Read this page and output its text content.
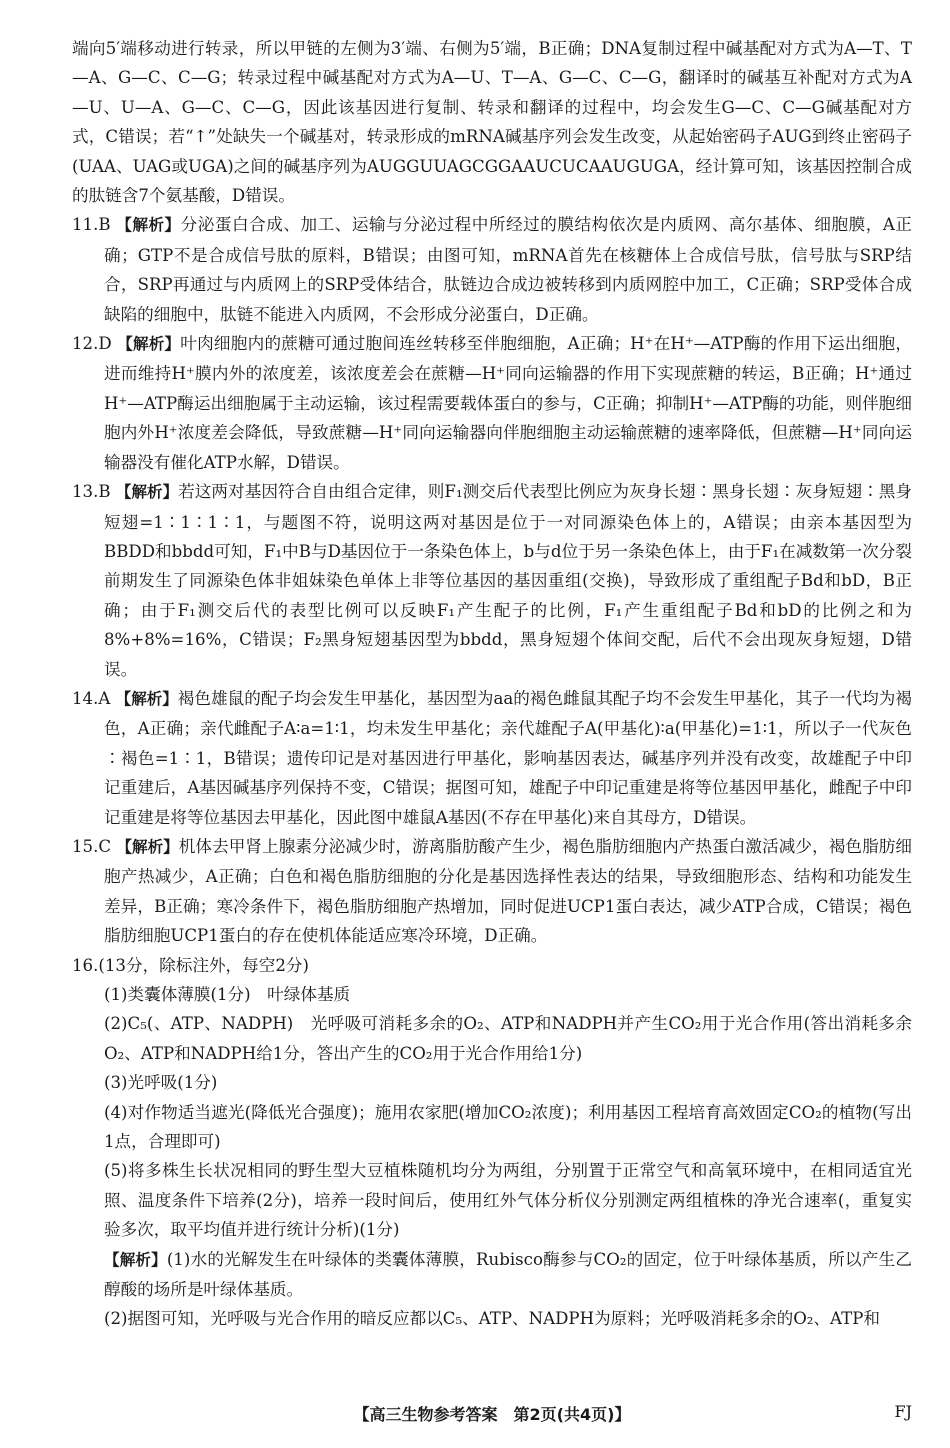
端向5′端移动进行转录，所以甲链的左侧为3′端、右侧为5′端，B正确；DNA复制过程中碱基配对方式为A—T、T—A、G—C、C—G；转录过程中碱基配对方式为A—U、T—A、G—C、C—G，翻译时的碱基互补配对方式为A—U、U—A、G—C、C—G，因此该基因进行复制、转录和翻译的过程中，均会发生G—C、C—G碱基配对方式，C错误；若“↑”处缺失一个碱基对，转录形成的mRNA碱基序列会发生改变，从起始密码子AUG到终止密码子(UAA、UAG或UGA)之间的碱基序列为AUGGUUAGCGGAAUCUCAAUGUGA，经计算可知，该基因控制合成的肽链含7个氨基酸，D错误。

11.B 【解析】分泌蛋白合成、加工、运输与分泌过程中所经过的膜结构依次是内质网、高尔基体、细胞膜，A正确；GTP不是合成信号肽的原料，B错误；由图可知，mRNA首先在核糖体上合成信号肽，信号肽与SRP结合，SRP再通过与内质网上的SRP受体结合，肽链边合成边被转移到内质网腔中加工，C正确；SRP受体合成缺陷的细胞中，肽链不能进入内质网，不会形成分泌蛋白，D正确。

12.D 【解析】叶肉细胞内的蔗糖可通过胞间连丝转移至伴胞细胞，A正确；H⁺在H⁺—ATP酶的作用下运出细胞，进而维持H⁺膜内外的浓度差，该浓度差会在蔗糖—H⁺同向运输器的作用下实现蔗糖的转运，B正确；H⁺通过H⁺—ATP酶运出细胞属于主动运输，该过程需要载体蛋白的参与，C正确；抑制H⁺—ATP酶的功能，则伴胞细胞内外H⁺浓度差会降低，导致蔗糖—H⁺同向运输器向伴胞细胞主动运输蔗糖的速率降低，但蔗糖—H⁺同向运输器没有催化ATP水解，D错误。

13.B 【解析】若这两对基因符合自由组合定律，则F₁测交后代表型比例应为灰身长翅∶黑身长翅∶灰身短翅∶黑身短翅=1∶1∶1∶1，与题图不符，说明这两对基因是位于一对同源染色体上的，A错误；由亲本基因型为BBDD和bbdd可知，F₁中B与D基因位于一条染色体上，b与d位于另一条染色体上，由于F₁在减数第一次分裂前期发生了同源染色体非姐妹染色单体上非等位基因的基因重组(交换)，导致形成了重组配子Bd和bD，B正确；由于F₁测交后代的表型比例可以反映F₁产生配子的比例，F₁产生重组配子Bd和bD的比例之和为8%+8%=16%，C错误；F₂黑身短翅基因型为bbdd，黑身短翅个体间交配，后代不会出现灰身短翅，D错误。

14.A 【解析】褐色雄鼠的配子均会发生甲基化，基因型为aa的褐色雌鼠其配子均不会发生甲基化，其子一代均为褐色，A正确；亲代雌配子A∶a=1∶1，均未发生甲基化；亲代雄配子A(甲基化)∶a(甲基化)=1∶1，所以子一代灰色∶褐色=1∶1，B错误；遗传印记是对基因进行甲基化，影响基因表达，碱基序列并没有改变，故雄配子中印记重建后，A基因碱基序列保持不变，C错误；据图可知，雄配子中印记重建是将等位基因甲基化，雌配子中印记重建是将等位基因去甲基化，因此图中雄鼠A基因(不存在甲基化)来自其母方，D错误。

15.C 【解析】机体去甲肾上腺素分泌减少时，游离脂肪酸产生少，褐色脂肪细胞内产热蛋白激活减少，褐色脂肪细胞产热减少，A正确；白色和褐色脂肪细胞的分化是基因选择性表达的结果，导致细胞形态、结构和功能发生差异，B正确；寒冷条件下，褐色脂肪细胞产热增加，同时促进UCP1蛋白表达，减少ATP合成，C错误；褐色脂肪细胞UCP1蛋白的存在使机体能适应寒冷环境，D正确。

16.(13分，除标注外，每空2分)

(1)类囊体薄膜(1分)　叶绿体基质

(2)C₅(、ATP、NADPH)　光呼吸可消耗多余的O₂、ATP和NADPH并产生CO₂用于光合作用(答出消耗多余O₂、ATP和NADPH给1分，答出产生的CO₂用于光合作用给1分)

(3)光呼吸(1分)

(4)对作物适当遮光(降低光合强度)；施用农家肥(增加CO₂浓度)；利用基因工程培育高效固定CO₂的植物(写出1点，合理即可)

(5)将多株生长状况相同的野生型大豆植株随机均分为两组，分别置于正常空气和高氧环境中，在相同适宜光照、温度条件下培养(2分)，培养一段时间后，使用红外气体分析仪分别测定两组植株的净光合速率(，重复实验多次，取平均值并进行统计分析)(1分)

【解析】(1)水的光解发生在叶绿体的类囊体薄膜，Rubisco酶参与CO₂的固定，位于叶绿体基质，所以产生乙醇酸的场所是叶绿体基质。

(2)据图可知，光呼吸与光合作用的暗反应都以C₅、ATP、NADPH为原料；光呼吸消耗多余的O₂、ATP和

【高三生物参考答案　第2页(共4页)】	FJ
